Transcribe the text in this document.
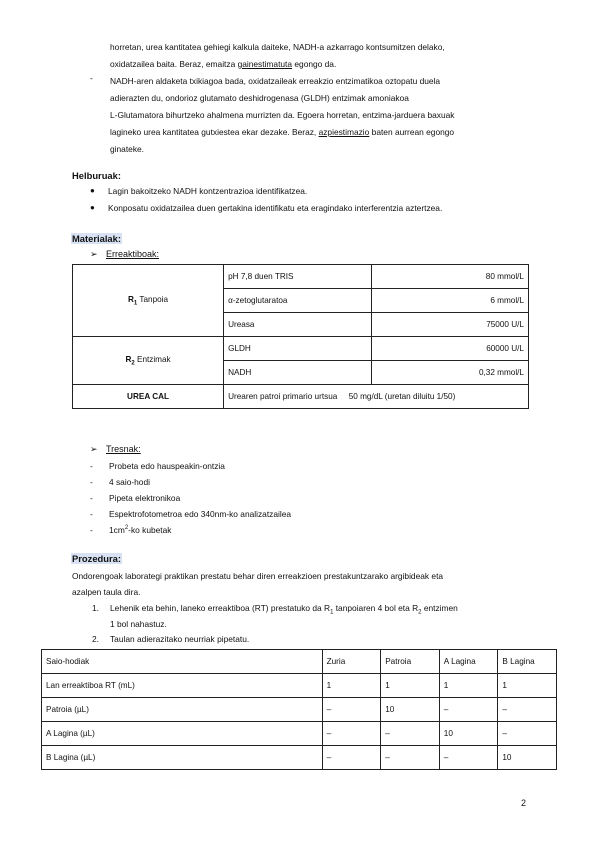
horretan, urea kantitatea gehiegi kalkula daiteke, NADH-a azkarrago kontsumitzen delako,
oxidatzailea baita. Beraz, emaitza gainestimatuta egongo da.
- NADH-aren aldaketa txikiagoa bada, oxidatzaileak erreakzio entzimatikoa oztopatu duela
adierazten du, ondorioz glutamato deshidrogenasa (GLDH) entzimak amoniakoa
L-Glutamatora bihurtzeko ahalmena murrizten da. Egoera horretan, entzima-jarduera baxuak
lagineko urea kantitatea gutxiestea ekar dezake. Beraz, azpiestimazio baten aurrean egongo
ginateke.
Helburuak:
● Lagin bakoitzeko NADH kontzentrazioa identifikatzea.
● Konposatu oxidatzailea duen gertakina identifikatu eta eragindako interferentzia aztertzea.
Materialak:
➢ Erreaktiboak:
$R_1$ Tanpoia	pH 7,8 duen TRIS	80 mmol/L
	α-zetoglutaratoa	6 mmol/L
	Ureasa	75000 U/L
$R_2$ Entzimak	GLDH	60000 U/L
	NADH	0,32 mmol/L
UREA CAL	Urearen patroi primario urtsua 50 mg/dL (uretan diluitu 1/50)	
➢ Tresnak:
- Probeta edo hauspeakin-ontzia
- 4 saio-hodi
- Pipeta elektronikoa
- Espektrofotometroa edo 340nm-ko analizatzailea
- $1cm^2-ko$ kubetak
Prozedura:
Ondorengoak laborategi praktikan prestatu behar diren erreakzioen prestakuntzarako argibideak eta
azalpen taula dira.
1. Lehenik eta behin, laneko erreaktiboa (RT) prestatuko da $R_1$ tanpoiaren 4 bol eta $R_2$ entzimen
1 bol nahastuz.
2. Taulan adierazitako neurriak pipetatu.
Saio-hodiak	Zuria	Patroia	A Lagina	B Lagina
Lan erreaktiboa RT (mL)	1	1	1	1
Patroia (µL)	–	10	–	–
A Lagina (µL)	–	–	10	–
B Lagina (µL)	–	–	–	10
2
